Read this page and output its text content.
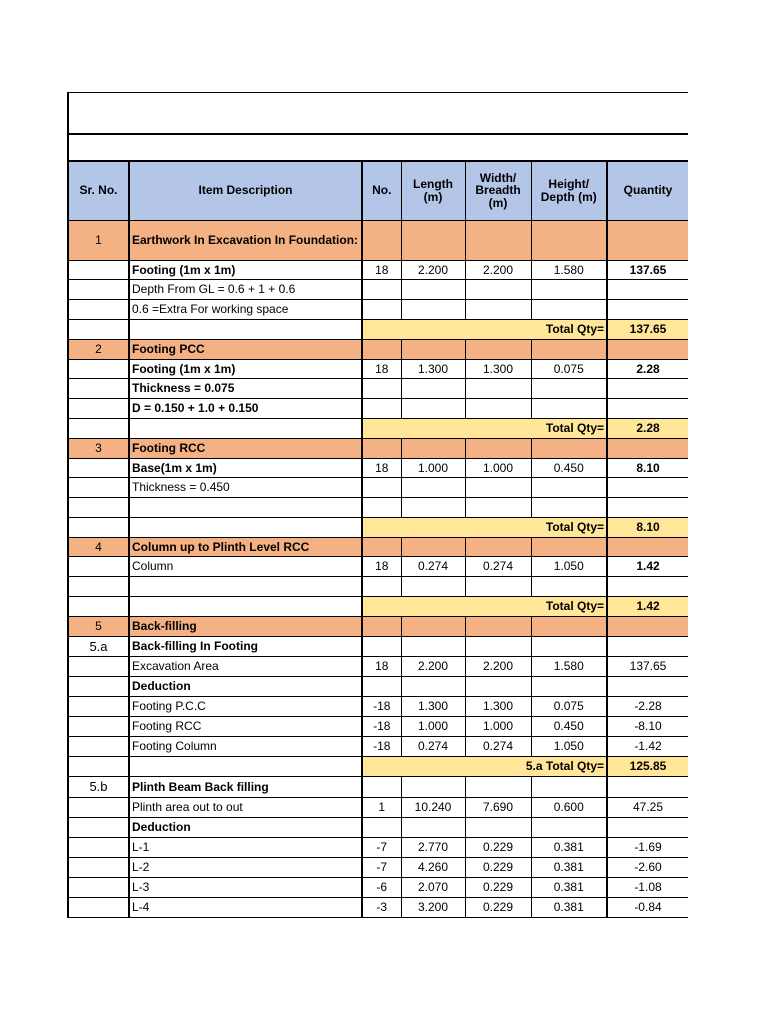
Sr. No.	Item Description	No.	Length (m)	Width/ Breadth (m)	Height/ Depth (m)	Quantity
1	Earthwork In Excavation In Foundation:					
	Footing (1m x 1m)	18	2.200	2.200	1.580	137.65
	Depth From GL = 0.6 + 1 + 0.6					
	0.6 =Extra For working space					
		Total Qty=				137.65
2	Footing PCC					
	Footing (1m x 1m)	18	1.300	1.300	0.075	2.28
	Thickness = 0.075					
	D = 0.150 + 1.0 + 0.150					
		Total Qty=				2.28
3	Footing RCC					
	Base(1m x 1m)	18	1.000	1.000	0.450	8.10
	Thickness = 0.450					

		Total Qty=				8.10
4	Column up to Plinth Level RCC					
	Column	18	0.274	0.274	1.050	1.42

		Total Qty=				1.42
5	Back-filling					
5.a	Back-filling In Footing					
	Excavation Area	18	2.200	2.200	1.580	137.65
	Deduction					
	Footing P.C.C	-18	1.300	1.300	0.075	-2.28
	Footing RCC	-18	1.000	1.000	0.450	-8.10
	Footing Column	-18	0.274	0.274	1.050	-1.42
		5.a Total Qty=				125.85
5.b	Plinth Beam Back filling					
	Plinth area out to out	1	10.240	7.690	0.600	47.25
	Deduction					
	L-1	-7	2.770	0.229	0.381	-1.69
	L-2	-7	4.260	0.229	0.381	-2.60
	L-3	-6	2.070	0.229	0.381	-1.08
	L-4	-3	3.200	0.229	0.381	-0.84
